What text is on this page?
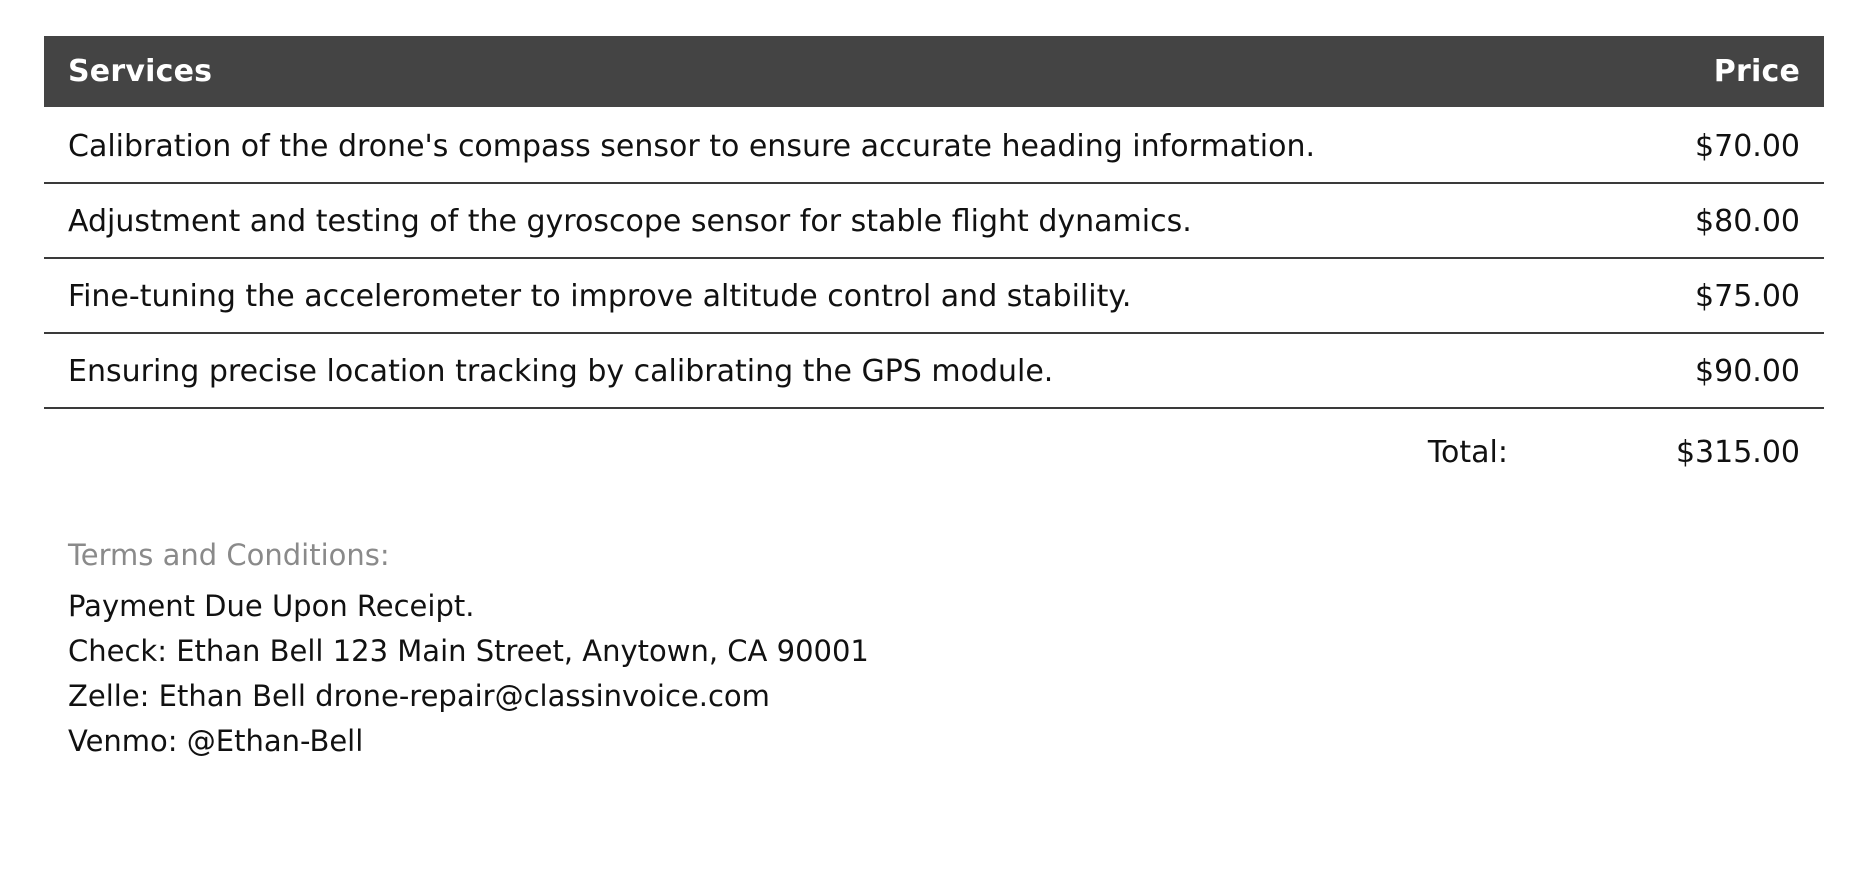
Services	Price
Calibration of the drone's compass sensor to ensure accurate heading information.	$70.00
Adjustment and testing of the gyroscope sensor for stable flight dynamics.	$80.00
Fine-tuning the accelerometer to improve altitude control and stability.	$75.00
Ensuring precise location tracking by calibrating the GPS module.	$90.00
Total:	$315.00
Terms and Conditions:
Payment Due Upon Receipt.
Check: Ethan Bell 123 Main Street, Anytown, CA 90001
Zelle: Ethan Bell drone-repair@classinvoice.com
Venmo: @Ethan-Bell
